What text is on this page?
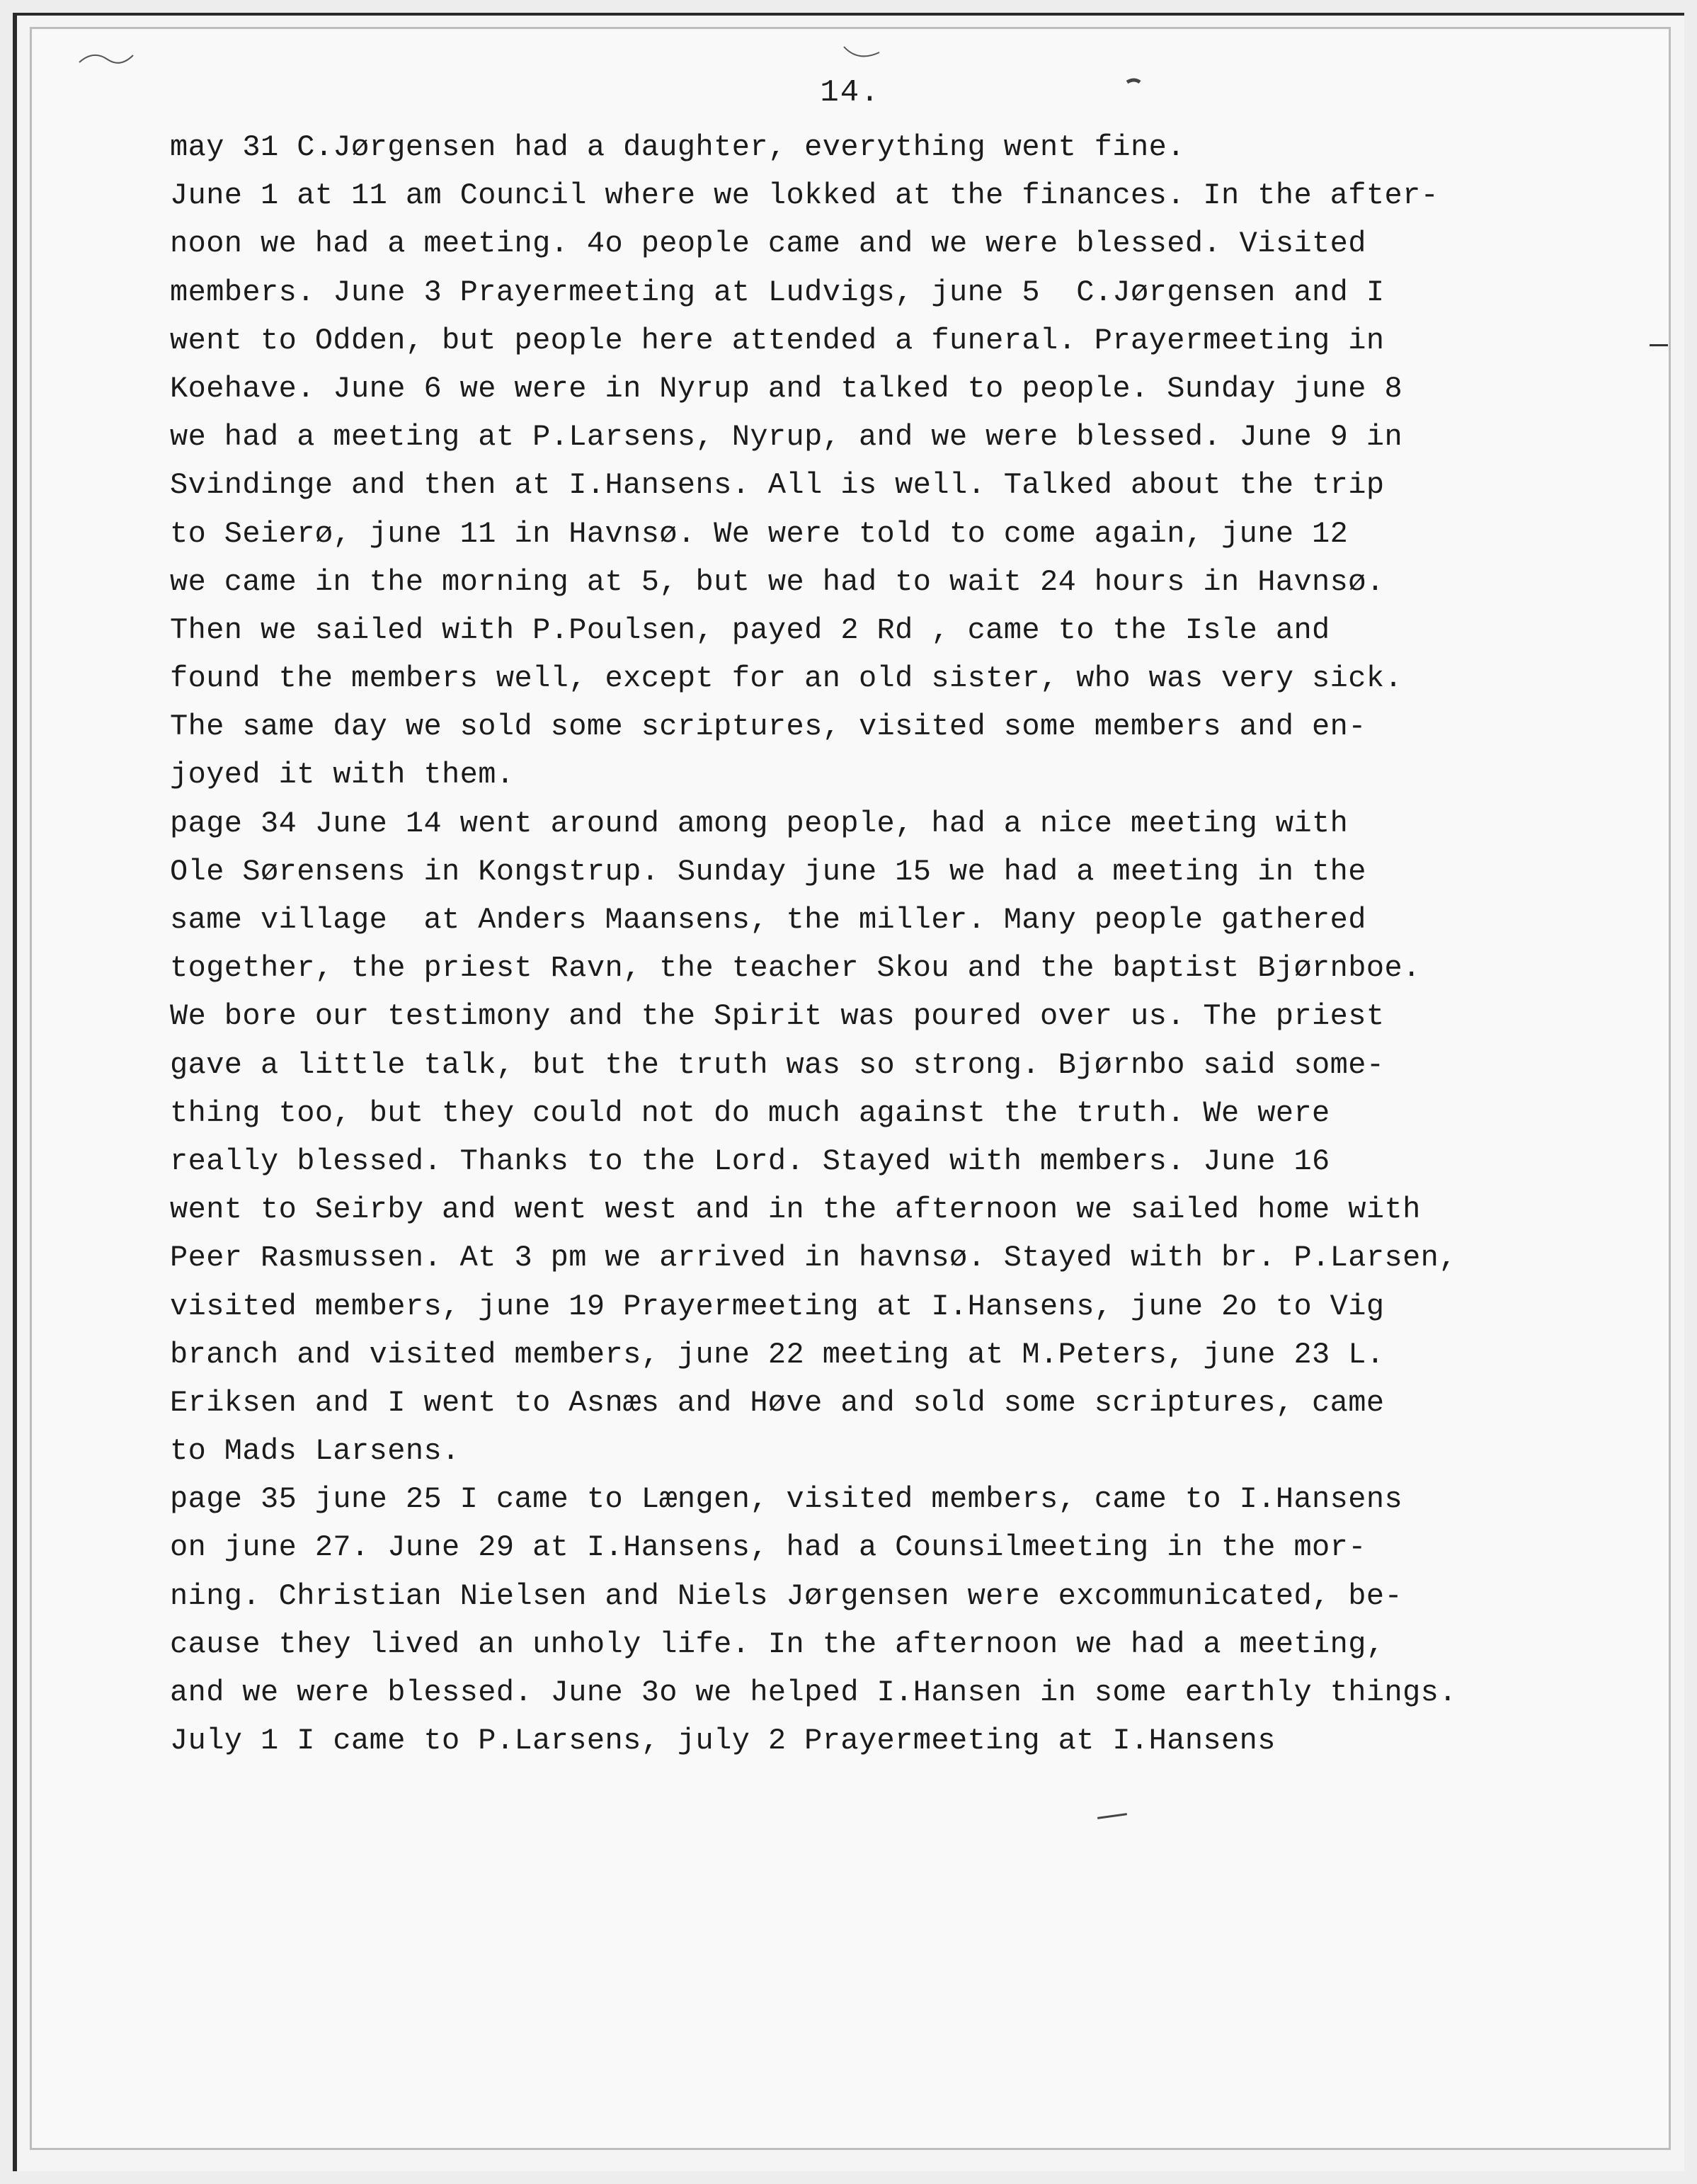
14.
may 31 C.Jørgensen had a daughter, everything went fine.
June 1 at 11 am Council where we lokked at the finances. In the after-
noon we had a meeting. 4o people came and we were blessed. Visited
members. June 3 Prayermeeting at Ludvigs, june 5  C.Jørgensen and I
went to Odden, but people here attended a funeral. Prayermeeting in
Koehave. June 6 we were in Nyrup and talked to people. Sunday june 8
we had a meeting at P.Larsens, Nyrup, and we were blessed. June 9 in
Svindinge and then at I.Hansens. All is well. Talked about the trip
to Seierø, june 11 in Havnsø. We were told to come again, june 12
we came in the morning at 5, but we had to wait 24 hours in Havnsø.
Then we sailed with P.Poulsen, payed 2 Rd , came to the Isle and
found the members well, except for an old sister, who was very sick.
The same day we sold some scriptures, visited some members and en-
joyed it with them.
page 34 June 14 went around among people, had a nice meeting with
Ole Sørensens in Kongstrup. Sunday june 15 we had a meeting in the
same village  at Anders Maansens, the miller. Many people gathered
together, the priest Ravn, the teacher Skou and the baptist Bjørnboe.
We bore our testimony and the Spirit was poured over us. The priest
gave a little talk, but the truth was so strong. Bjørnbo said some-
thing too, but they could not do much against the truth. We were
really blessed. Thanks to the Lord. Stayed with members. June 16
went to Seirby and went west and in the afternoon we sailed home with
Peer Rasmussen. At 3 pm we arrived in havnsø. Stayed with br. P.Larsen,
visited members, june 19 Prayermeeting at I.Hansens, june 2o to Vig
branch and visited members, june 22 meeting at M.Peters, june 23 L.
Eriksen and I went to Asnæs and Høve and sold some scriptures, came
to Mads Larsens.
page 35 june 25 I came to Længen, visited members, came to I.Hansens
on june 27. June 29 at I.Hansens, had a Counsilmeeting in the mor-
ning. Christian Nielsen and Niels Jørgensen were excommunicated, be-
cause they lived an unholy life. In the afternoon we had a meeting,
and we were blessed. June 3o we helped I.Hansen in some earthly things.
July 1 I came to P.Larsens, july 2 Prayermeeting at I.Hansens
